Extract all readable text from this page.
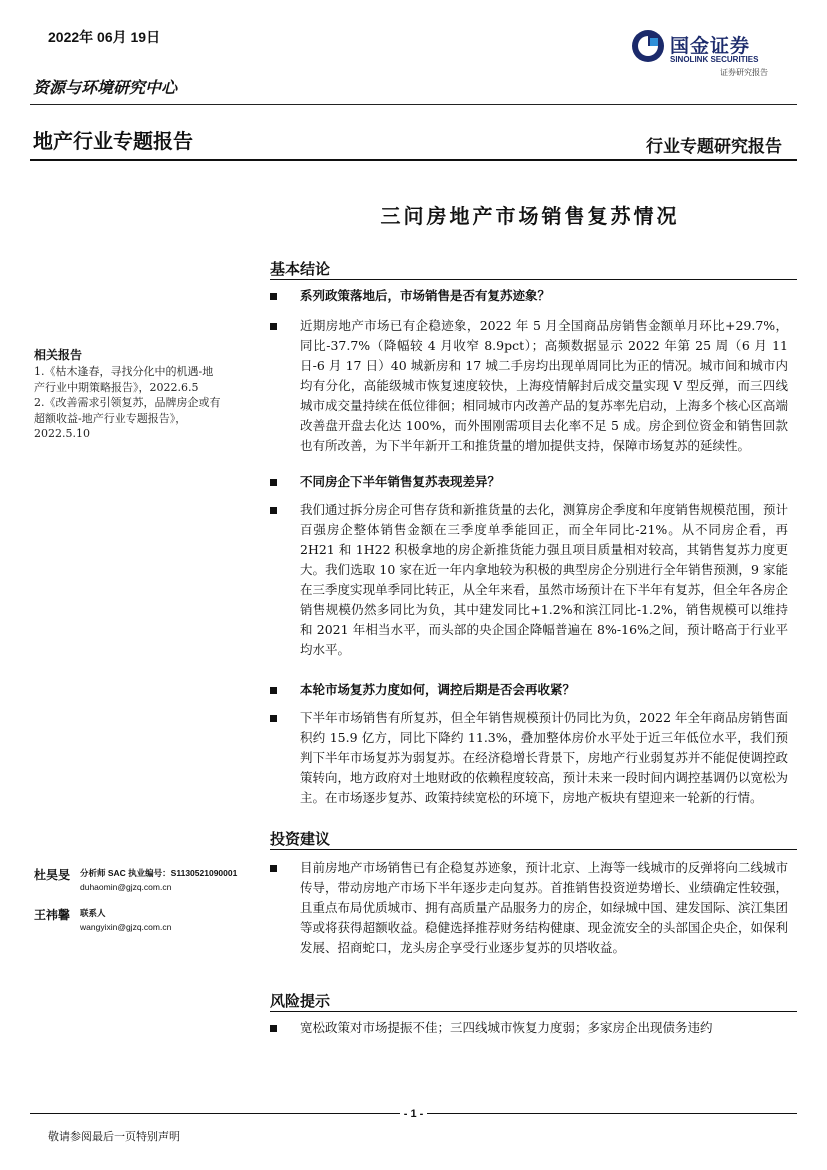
2022年 06月 19日
资源与环境研究中心
地产行业专题报告	行业专题研究报告
国金证券
SINOLINK SECURITIES
证券研究报告
三问房地产市场销售复苏情况
基本结论
系列政策落地后，市场销售是否有复苏迹象？
近期房地产市场已有企稳迹象，2022 年 5 月全国商品房销售金额单月环比+29.7%，同比-37.7%（降幅较 4 月收窄 8.9pct）；高频数据显示 2022 年第 25 周（6 月 11 日-6 月 17 日）40 城新房和 17 城二手房均出现单周同比为正的情况。城市间和城市内均有分化，高能级城市恢复速度较快，上海疫情解封后成交量实现 V 型反弹，而三四线城市成交量持续在低位徘徊；相同城市内改善产品的复苏率先启动，上海多个核心区高端改善盘开盘去化达 100%，而外围刚需项目去化率不足 5 成。房企到位资金和销售回款也有所改善，为下半年新开工和推货量的增加提供支持，保障市场复苏的延续性。
不同房企下半年销售复苏表现差异？
我们通过拆分房企可售存货和新推货量的去化，测算房企季度和年度销售规模范围，预计百强房企整体销售金额在三季度单季能回正，而全年同比-21%。从不同房企看，再 2H21 和 1H22 积极拿地的房企新推货能力强且项目质量相对较高，其销售复苏力度更大。我们选取 10 家在近一年内拿地较为积极的典型房企分别进行全年销售预测，9 家能在三季度实现单季同比转正，从全年来看，虽然市场预计在下半年有复苏，但全年各房企销售规模仍然多同比为负，其中建发同比+1.2%和滨江同比-1.2%，销售规模可以维持和 2021 年相当水平，而头部的央企国企降幅普遍在 8%-16%之间，预计略高于行业平均水平。
本轮市场复苏力度如何，调控后期是否会再收紧？
下半年市场销售有所复苏，但全年销售规模预计仍同比为负，2022 年全年商品房销售面积约 15.9 亿方，同比下降约 11.3%，叠加整体房价水平处于近三年低位水平，我们预判下半年市场复苏为弱复苏。在经济稳增长背景下，房地产行业弱复苏并不能促使调控政策转向，地方政府对土地财政的依赖程度较高，预计未来一段时间内调控基调仍以宽松为主。在市场逐步复苏、政策持续宽松的环境下，房地产板块有望迎来一轮新的行情。
投资建议
目前房地产市场销售已有企稳复苏迹象，预计北京、上海等一线城市的反弹将向二线城市传导，带动房地产市场下半年逐步走向复苏。首推销售投资逆势增长、业绩确定性较强，且重点布局优质城市、拥有高质量产品服务力的房企，如绿城中国、建发国际、滨江集团等或将获得超额收益。稳健选择推荐财务结构健康、现金流安全的头部国企央企，如保利发展、招商蛇口，龙头房企享受行业逐步复苏的贝塔收益。
风险提示
宽松政策对市场提振不佳；三四线城市恢复力度弱；多家房企出现债务违约
相关报告
1.《枯木逢春，寻找分化中的机遇-地产行业中期策略报告》，2022.6.5
2.《改善需求引领复苏，品牌房企或有超额收益-地产行业专题报告》，2022.5.10
杜昊旻 分析师 SAC 执业编号：S1130521090001
duhaomin@gjzq.com.cn
王祎馨 联系人
wangyixin@gjzq.com.cn
- 1 -
敬请参阅最后一页特别声明
